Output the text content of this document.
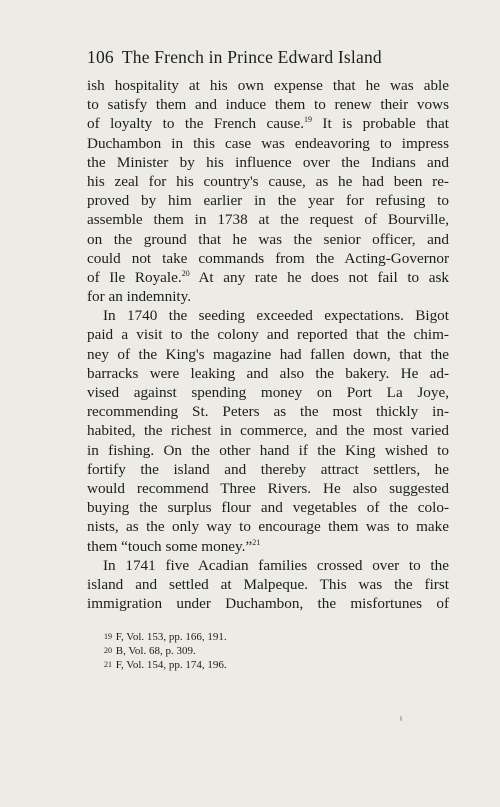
106 The French in Prince Edward Island
ish hospitality at his own expense that he was able
to satisfy them and induce them to renew their vows
of loyalty to the French cause.$^{19}$ It is probable that
Duchambon in this case was endeavoring to impress
the Minister by his influence over the Indians and
his zeal for his country's cause, as he had been re-
proved by him earlier in the year for refusing to
assemble them in 1738 at the request of Bourville,
on the ground that he was the senior officer, and
could not take commands from the Acting-Governor
of Ile Royale.$^{20}$ At any rate he does not fail to ask
for an indemnity.
In 1740 the seeding exceeded expectations. Bigot
paid a visit to the colony and reported that the chim-
ney of the King's magazine had fallen down, that the
barracks were leaking and also the bakery. He ad-
vised against spending money on Port La Joye,
recommending St. Peters as the most thickly in-
habited, the richest in commerce, and the most varied
in fishing. On the other hand if the King wished to
fortify the island and thereby attract settlers, he
would recommend Three Rivers. He also suggested
buying the surplus flour and vegetables of the colo-
nists, as the only way to encourage them was to make
them “touch some money.”$^{21}$
In 1741 five Acadian families crossed over to the
island and settled at Malpeque. This was the first
immigration under Duchambon, the misfortunes of
19 F, Vol. 153, pp. 166, 191.
20 B, Vol. 68, p. 309.
21 F, Vol. 154, pp. 174, 196.
